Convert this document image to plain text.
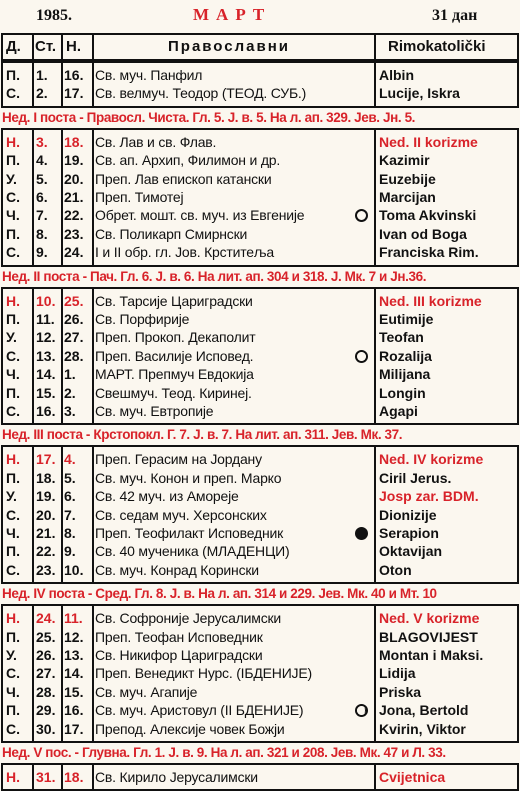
1985.	МАРТ	31 дан
Д. Ст. Н.	Православни	Rimokatolički
П. 1. 16. Св. муч. Панфил	Albin
С. 2. 17. Св. велмуч. Теодор (ТЕОД. СУБ.)	Lucije, Iskra
Нед. I поста - Правосл. Чиста. Гл. 5. Ј. в. 5. На л. ап. 329. Јев. Јн. 5.
Н. 3. 18. Св. Лав и св. Флав.	Ned. II korizme
П. 4. 19. Св. ап. Архип, Филимон и др.	Kazimir
У. 5. 20. Преп. Лав епископ катански	Euzebije
С. 6. 21. Преп. Тимотеј	Marcijan
Ч. 7. 22. Обрет. мошт. св. муч. из Евгеније	Toma Akvinski
П. 8. 23. Св. Поликарп Смирнски	Ivan od Boga
С. 9. 24. I и II обр. гл. Јов. Крститеља	Franciska Rim.
Нед. II поста - Пач. Гл. 6. Ј. в. 6. На лит. ап. 304 и 318. Ј. Мк. 7 и Јн.36.
Н. 10. 25. Св. Тарсије Цариградски	Ned. III korizme
П. 11. 26. Св. Порфирије	Eutimije
У. 12. 27. Преп. Прокоп. Декаполит	Teofan
С. 13. 28. Преп. Василије Исповед.	Rozalija
Ч. 14. 1. МАРТ. Препмуч Евдокија	Milijana
П. 15. 2. Свешмуч. Теод. Киринеј.	Longin
С. 16. 3. Св. муч. Евтропије	Agapi
Нед. III поста - Крстопокл. Г. 7. Ј. в. 7. На лит. ап. 311. Јев. Мк. 37.
Н. 17. 4. Преп. Герасим на Јордану	Ned. IV korizme
П. 18. 5. Св. муч. Конон и преп. Марко	Ciril Jerus.
У. 19. 6. Св. 42 муч. из Амореје	Josp zar. BDM.
С. 20. 7. Св. седам муч. Херсонских	Dionizije
Ч. 21. 8. Преп. Теофилакт Исповедник	Serapion
П. 22. 9. Св. 40 мученика (МЛАДЕНЦИ)	Oktavijan
С. 23. 10. Св. муч. Конрад Корински	Oton
Нед. IV поста - Сред. Гл. 8. Ј. в. На л. ап. 314 и 229. Јев. Мк. 40 и Мт. 10
Н. 24. 11. Св. Софроније Јерусалимски	Ned. V korizme
П. 25. 12. Преп. Теофан Исповедник	BLAGOVIJEST
У. 26. 13. Св. Никифор Цариградски	Montan i Maksi.
С. 27. 14. Преп. Венедикт Нурс. (IБДЕНИЈЕ)	Lidija
Ч. 28. 15. Св. муч. Агапије	Priska
П. 29. 16. Св. муч. Аристовул (II БДЕНИЈЕ)	Jona, Bertold
С. 30. 17. Препод. Алексије човек Божји	Kvirin, Viktor
Нед. V пос. - Глувна. Гл. 1. Ј. в. 9. На л. ап. 321 и 208. Јев. Мк. 47 и Л. 33.
Н. 31. 18. Св. Кирило Јерусалимски	Cvijetnica
